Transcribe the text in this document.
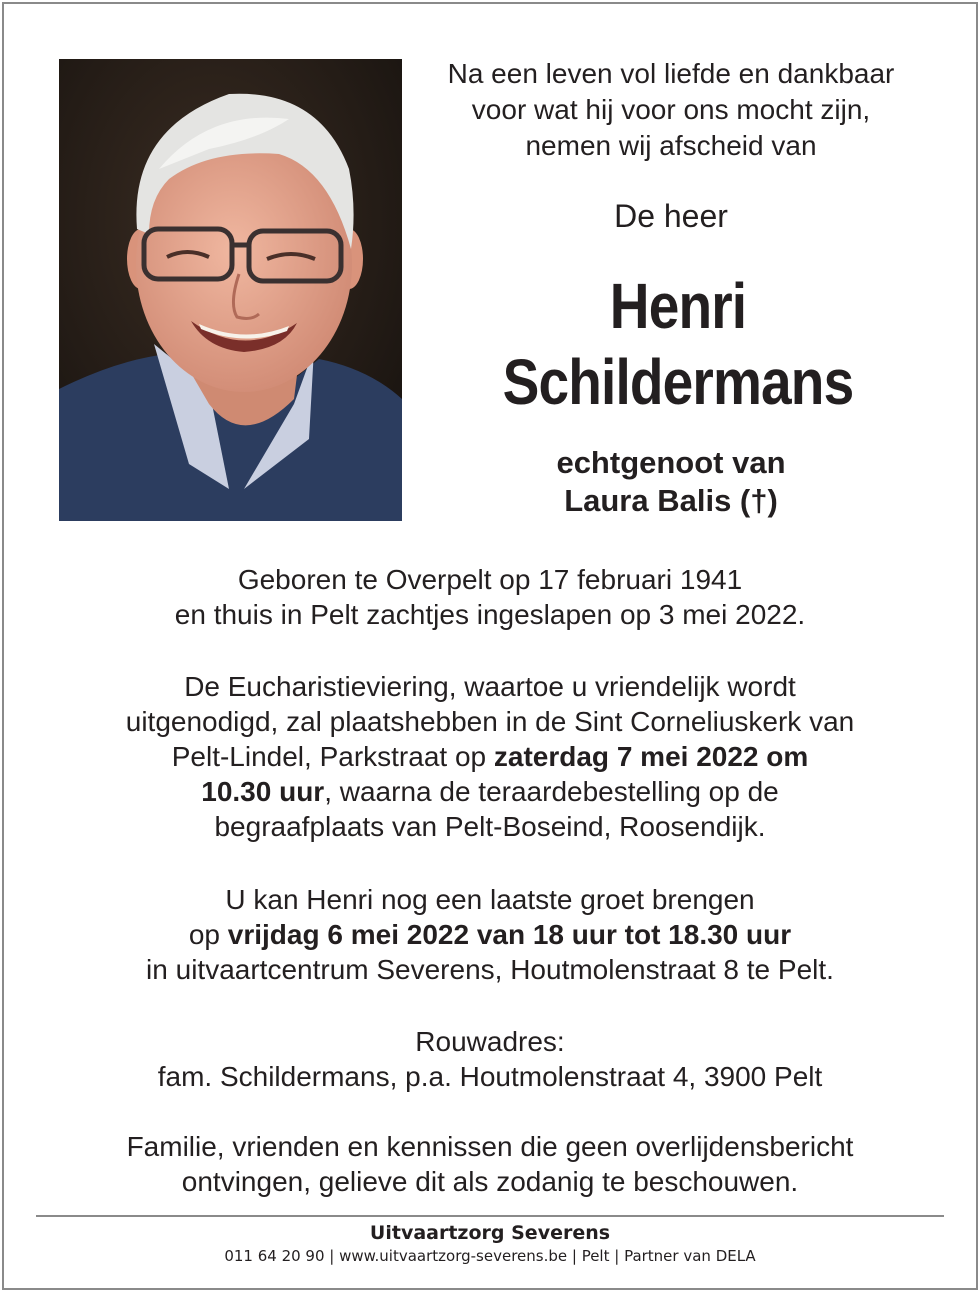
Na een leven vol liefde en dankbaar

voor wat hij voor ons mocht zijn,

nemen wij afscheid van

De heer

Henri

Schildermans

echtgenoot van

Laura Balis (†)

Geboren te Overpelt op 17 februari 1941

en thuis in Pelt zachtjes ingeslapen op 3 mei 2022.

De Eucharistieviering, waartoe u vriendelijk wordt

uitgenodigd, zal plaatshebben in de Sint Corneliuskerk van

Pelt-Lindel, Parkstraat op zaterdag 7 mei 2022 om

10.30 uur, waarna de teraardebestelling op de

begraafplaats van Pelt-Boseind, Roosendijk.

U kan Henri nog een laatste groet brengen

op vrijdag 6 mei 2022 van 18 uur tot 18.30 uur

in uitvaartcentrum Severens, Houtmolenstraat 8 te Pelt.

Rouwadres:

fam. Schildermans, p.a. Houtmolenstraat 4, 3900 Pelt

Familie, vrienden en kennissen die geen overlijdensbericht

ontvingen, gelieve dit als zodanig te beschouwen.

Uitvaartzorg Severens
011 64 20 90 | www.uitvaartzorg-severens.be | Pelt | Partner van DELA
